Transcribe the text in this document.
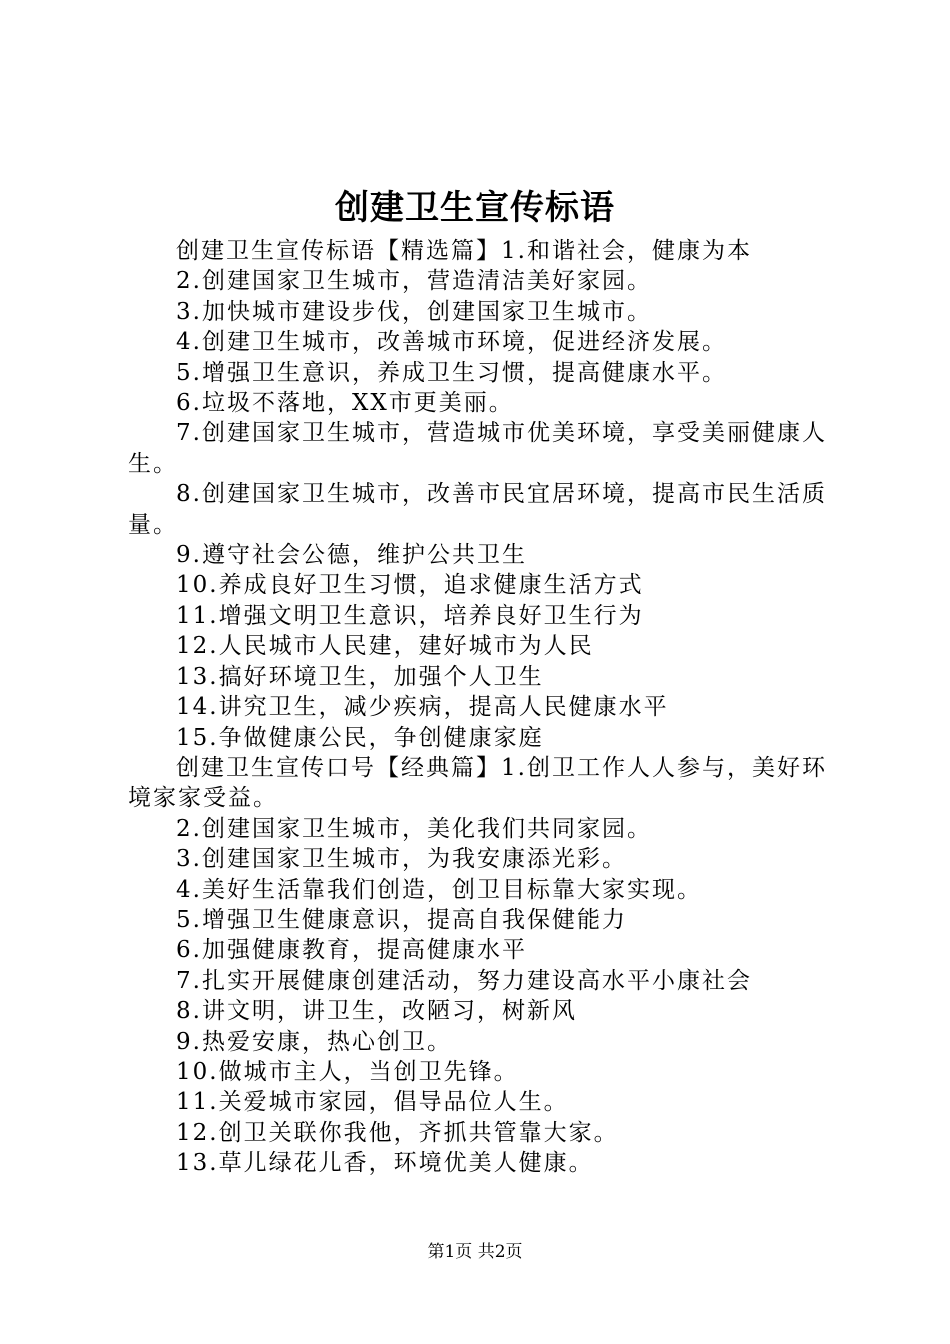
创建卫生宣传标语

创建卫生宣传标语【精选篇】1.和谐社会，健康为本

2.创建国家卫生城市，营造清洁美好家园。

3.加快城市建设步伐，创建国家卫生城市。

4.创建卫生城市，改善城市环境，促进经济发展。

5.增强卫生意识，养成卫生习惯，提高健康水平。

6.垃圾不落地，XX市更美丽。

7.创建国家卫生城市，营造城市优美环境，享受美丽健康人生。

8.创建国家卫生城市，改善市民宜居环境，提高市民生活质量。

9.遵守社会公德，维护公共卫生

10.养成良好卫生习惯，追求健康生活方式

11.增强文明卫生意识，培养良好卫生行为

12.人民城市人民建，建好城市为人民

13.搞好环境卫生，加强个人卫生

14.讲究卫生，减少疾病，提高人民健康水平

15.争做健康公民，争创健康家庭

创建卫生宣传口号【经典篇】1.创卫工作人人参与，美好环境家家受益。

2.创建国家卫生城市，美化我们共同家园。

3.创建国家卫生城市，为我安康添光彩。

4.美好生活靠我们创造，创卫目标靠大家实现。

5.增强卫生健康意识，提高自我保健能力

6.加强健康教育，提高健康水平

7.扎实开展健康创建活动，努力建设高水平小康社会

8.讲文明，讲卫生，改陋习，树新风

9.热爱安康，热心创卫。

10.做城市主人，当创卫先锋。

11.关爱城市家园，倡导品位人生。

12.创卫关联你我他，齐抓共管靠大家。

13.草儿绿花儿香，环境优美人健康。

第1页 共2页
